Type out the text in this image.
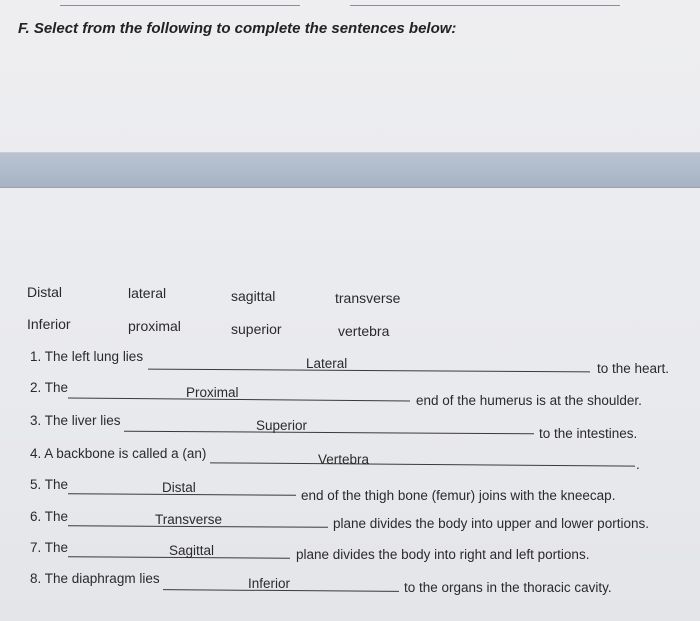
F. Select from the following to complete the sentences below:
Distal	lateral	sagittal	transverse
Inferior	proximal	superior	vertebra
1. The left lung lies	Lateral	to the heart.
2. The	Proximal
end of the humerus is at the shoulder.
3. The liver lies	Superior
to the intestines.
4. A backbone is called a (an)	Vertebra	.
5. The	Distal
end of the thigh bone (femur) joins with the kneecap.
6. The	Transverse	plane divides the body into upper and lower portions.
7. The	Sagittal	plane divides the body into right and left portions.
8. The diaphragm lies	Inferior	to the organs in the thoracic cavity.
